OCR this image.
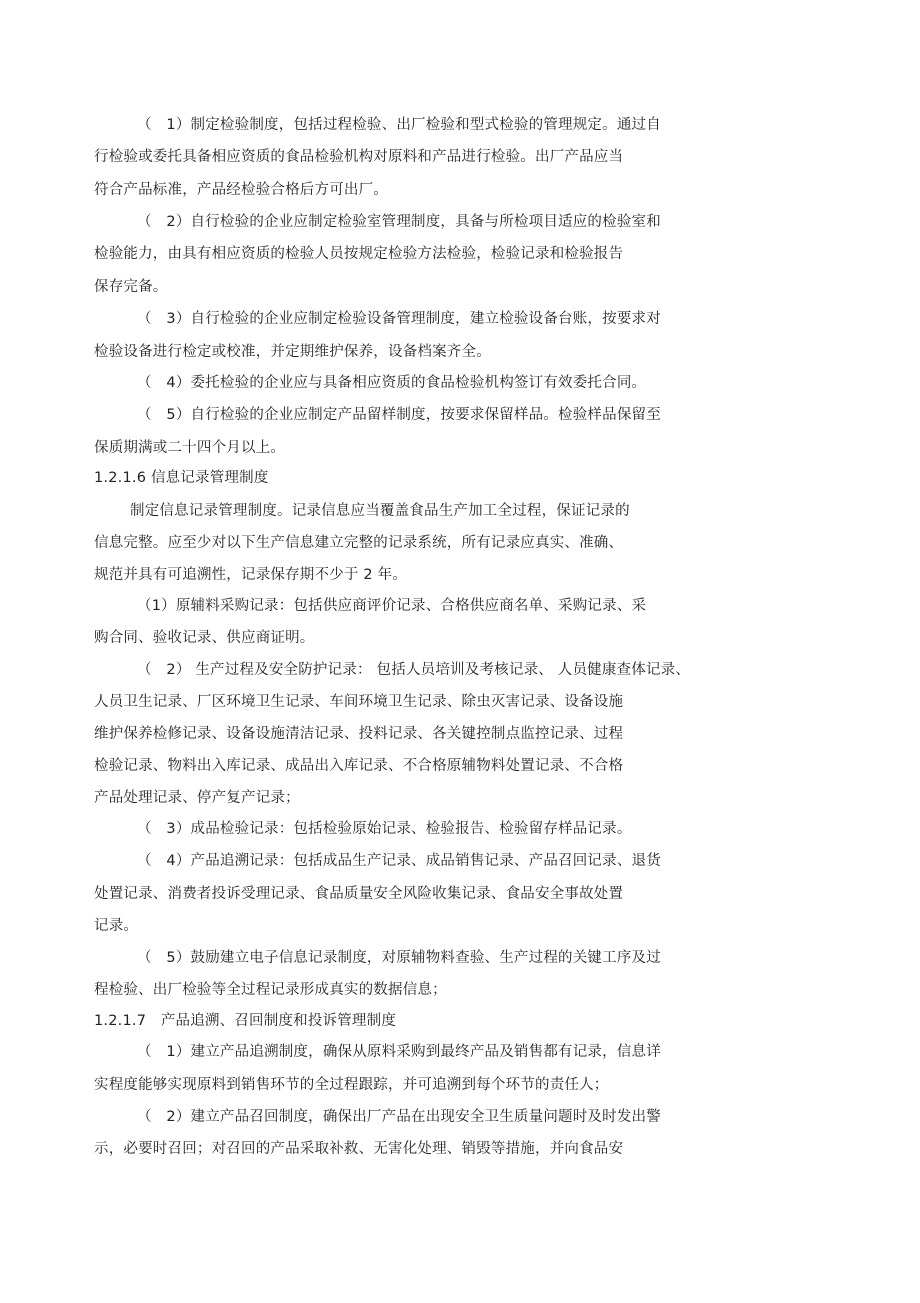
（　1）制定检验制度，包括过程检验、出厂检验和型式检验的管理规定。通过自
行检验或委托具备相应资质的食品检验机构对原料和产品进行检验。出厂产品应当
符合产品标准，产品经检验合格后方可出厂。
（　2）自行检验的企业应制定检验室管理制度，具备与所检项目适应的检验室和
检验能力，由具有相应资质的检验人员按规定检验方法检验，检验记录和检验报告
保存完备。
（　3）自行检验的企业应制定检验设备管理制度，建立检验设备台账，按要求对
检验设备进行检定或校准，并定期维护保养，设备档案齐全。
（　4）委托检验的企业应与具备相应资质的食品检验机构签订有效委托合同。
（　5）自行检验的企业应制定产品留样制度，按要求保留样品。检验样品保留至
保质期满或二十四个月以上。
1.2.1.6 信息记录管理制度
制定信息记录管理制度。记录信息应当覆盖食品生产加工全过程，保证记录的
信息完整。应至少对以下生产信息建立完整的记录系统，所有记录应真实、准确、
规范并具有可追溯性，记录保存期不少于 2 年。
（1）原辅料采购记录：包括供应商评价记录、合格供应商名单、采购记录、采
购合同、验收记录、供应商证明。
（　2） 生产过程及安全防护记录： 包括人员培训及考核记录、 人员健康查体记录、
人员卫生记录、厂区环境卫生记录、车间环境卫生记录、除虫灭害记录、设备设施
维护保养检修记录、设备设施清洁记录、投料记录、各关键控制点监控记录、过程
检验记录、物料出入库记录、成品出入库记录、不合格原辅物料处置记录、不合格
产品处理记录、停产复产记录；
（　3）成品检验记录：包括检验原始记录、检验报告、检验留存样品记录。
（　4）产品追溯记录：包括成品生产记录、成品销售记录、产品召回记录、退货
处置记录、消费者投诉受理记录、食品质量安全风险收集记录、食品安全事故处置
记录。
（　5）鼓励建立电子信息记录制度，对原辅物料查验、生产过程的关键工序及过
程检验、出厂检验等全过程记录形成真实的数据信息；
1.2.1.7　产品追溯、召回制度和投诉管理制度
（　1）建立产品追溯制度，确保从原料采购到最终产品及销售都有记录，信息详
实程度能够实现原料到销售环节的全过程跟踪，并可追溯到每个环节的责任人；
（　2）建立产品召回制度，确保出厂产品在出现安全卫生质量问题时及时发出警
示，必要时召回；对召回的产品采取补救、无害化处理、销毁等措施，并向食品安
